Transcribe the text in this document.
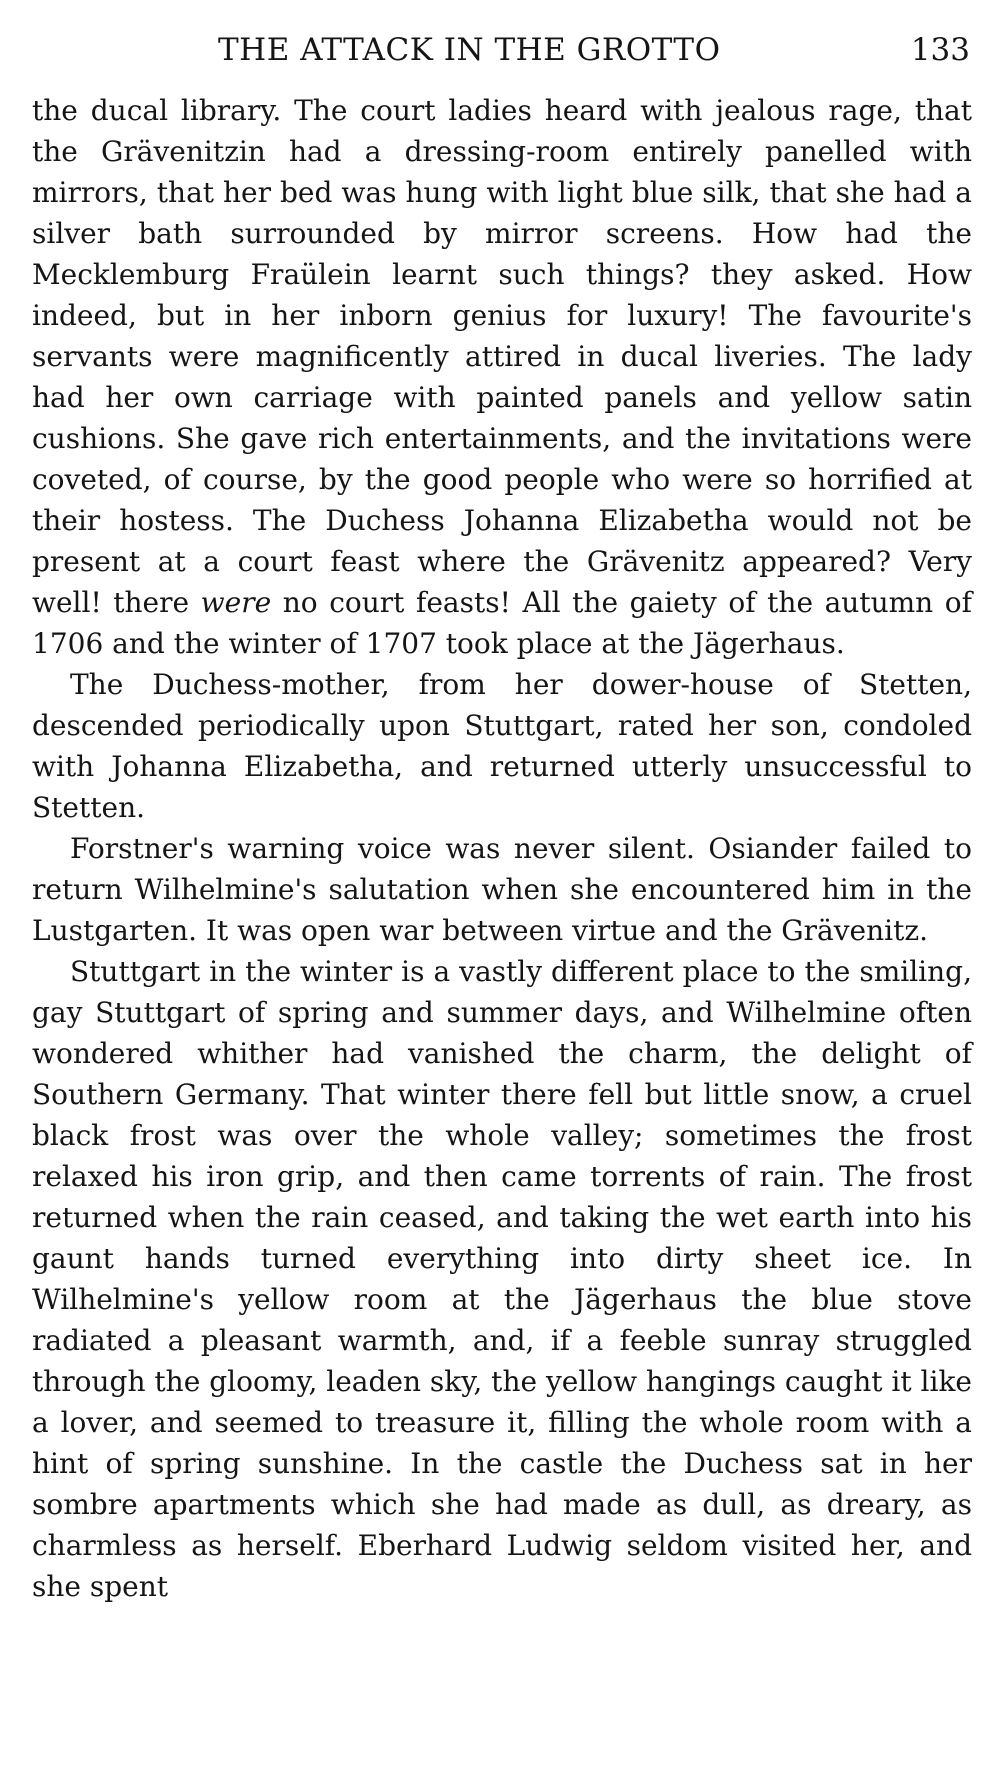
THE ATTACK IN THE GROTTO	133

the ducal library. The court ladies heard with jealous rage, that the Grävenitzin had a dressing-room entirely panelled with mirrors, that her bed was hung with light blue silk, that she had a silver bath surrounded by mirror screens. How had the Mecklemburg Fraülein learnt such things? they asked. How indeed, but in her inborn genius for luxury! The favourite's servants were magnificently attired in ducal liveries. The lady had her own carriage with painted panels and yellow satin cushions. She gave rich entertainments, and the invitations were coveted, of course, by the good people who were so horrified at their hostess. The Duchess Johanna Elizabetha would not be present at a court feast where the Grävenitz appeared? Very well! there were no court feasts! All the gaiety of the autumn of 1706 and the winter of 1707 took place at the Jägerhaus.

The Duchess-mother, from her dower-house of Stetten, descended periodically upon Stuttgart, rated her son, condoled with Johanna Elizabetha, and returned utterly unsuccessful to Stetten.

Forstner's warning voice was never silent. Osiander failed to return Wilhelmine's salutation when she encountered him in the Lustgarten. It was open war between virtue and the Grävenitz.

Stuttgart in the winter is a vastly different place to the smiling, gay Stuttgart of spring and summer days, and Wilhelmine often wondered whither had vanished the charm, the delight of Southern Germany. That winter there fell but little snow, a cruel black frost was over the whole valley; sometimes the frost relaxed his iron grip, and then came torrents of rain. The frost returned when the rain ceased, and taking the wet earth into his gaunt hands turned everything into dirty sheet ice. In Wilhelmine's yellow room at the Jägerhaus the blue stove radiated a pleasant warmth, and, if a feeble sunray struggled through the gloomy, leaden sky, the yellow hangings caught it like a lover, and seemed to treasure it, filling the whole room with a hint of spring sunshine. In the castle the Duchess sat in her sombre apartments which she had made as dull, as dreary, as charmless as herself. Eberhard Ludwig seldom visited her, and she spent
